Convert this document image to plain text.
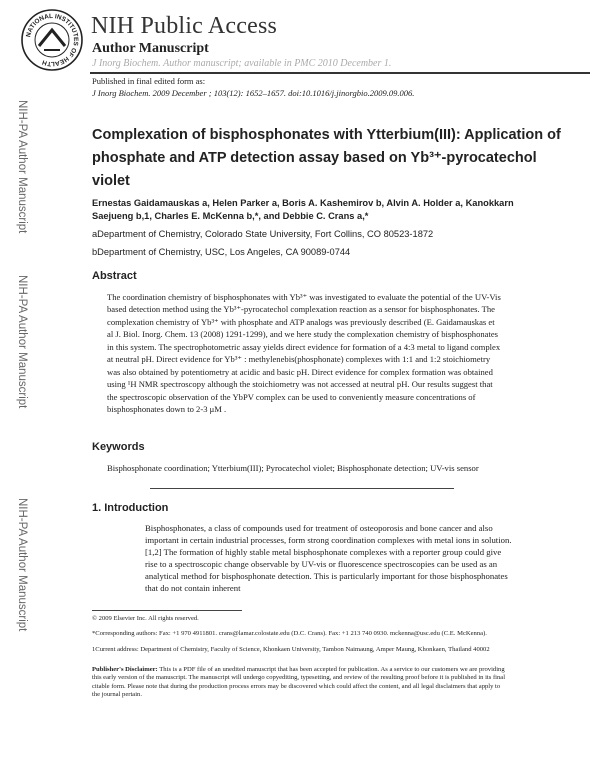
NATIONAL INSTITUTES OF HEALTH
NIH Public Access
Author Manuscript
J Inorg Biochem. Author manuscript; available in PMC 2010 December 1.
Published in final edited form as:
J Inorg Biochem. 2009 December ; 103(12): 1652–1657. doi:10.1016/j.jinorgbio.2009.09.006.
NIH-PA Author Manuscript
NIH-PA Author Manuscript
NIH-PA Author Manuscript
Complexation of bisphosphonates with Ytterbium(III): Application of phosphate and ATP detection assay based on Yb³⁺-pyrocatechol violet
Ernestas Gaidamauskas a, Helen Parker a, Boris A. Kashemirov b, Alvin A. Holder a, Kanokkarn Saejueng b,1, Charles E. McKenna b,*, and Debbie C. Crans a,*
aDepartment of Chemistry, Colorado State University, Fort Collins, CO 80523-1872
bDepartment of Chemistry, USC, Los Angeles, CA 90089-0744
Abstract
The coordination chemistry of bisphosphonates with Yb³⁺ was investigated to evaluate the potential of the UV-Vis based detection method using the Yb³⁺-pyrocatechol complexation reaction as a sensor for bisphosphonates. The complexation chemistry of Yb³⁺ with phosphate and ATP analogs was previously described (E. Gaidamauskas et al J. Biol. Inorg. Chem. 13 (2008) 1291-1299), and we here study the complexation chemistry of bisphosphonates in this system. The spectrophotometric assay yields direct evidence for formation of a 4:3 metal to ligand complex at neutral pH. Direct evidence for Yb³⁺ : methylenebis(phosphonate) complexes with 1:1 and 1:2 stoichiometry was also obtained by potentiometry at acidic and basic pH. Direct evidence for complex formation was obtained using ¹H NMR spectroscopy although the stoichiometry was not accessed at neutral pH. Our results suggest that the spectroscopic observation of the YbPV complex can be used to conveniently measure concentrations of bisphosphonates down to 2-3 μM .
Keywords
Bisphosphonate coordination; Ytterbium(III); Pyrocatechol violet; Bisphosphonate detection; UV-vis sensor
1. Introduction
Bisphosphonates, a class of compounds used for treatment of osteoporosis and bone cancer and also important in certain industrial processes, form strong coordination complexes with metal ions in solution.[1,2] The formation of highly stable metal bisphosphonate complexes with a reporter group could give rise to a spectroscopic change observable by UV-vis or fluorescence spectroscopies can be used as an analytical method for bisphosphonate detection. This is particularly important for those bisphosphonates that do not contain inherent
© 2009 Elsevier Inc. All rights reserved.
*Corresponding authors: Fax: +1 970 4911801. crans@lamar.colostate.edu (D.C. Crans). Fax: +1 213 740 0930. mckenna@usc.edu (C.E. McKenna).
1Current address: Department of Chemistry, Faculty of Science, Khonkaen University, Tambon Naimaung, Amper Maung, Khonkaen, Thailand 40002
Publisher's Disclaimer: This is a PDF file of an unedited manuscript that has been accepted for publication. As a service to our customers we are providing this early version of the manuscript. The manuscript will undergo copyediting, typesetting, and review of the resulting proof before it is published in its final citable form. Please note that during the production process errors may be discovered which could affect the content, and all legal disclaimers that apply to the journal pertain.
